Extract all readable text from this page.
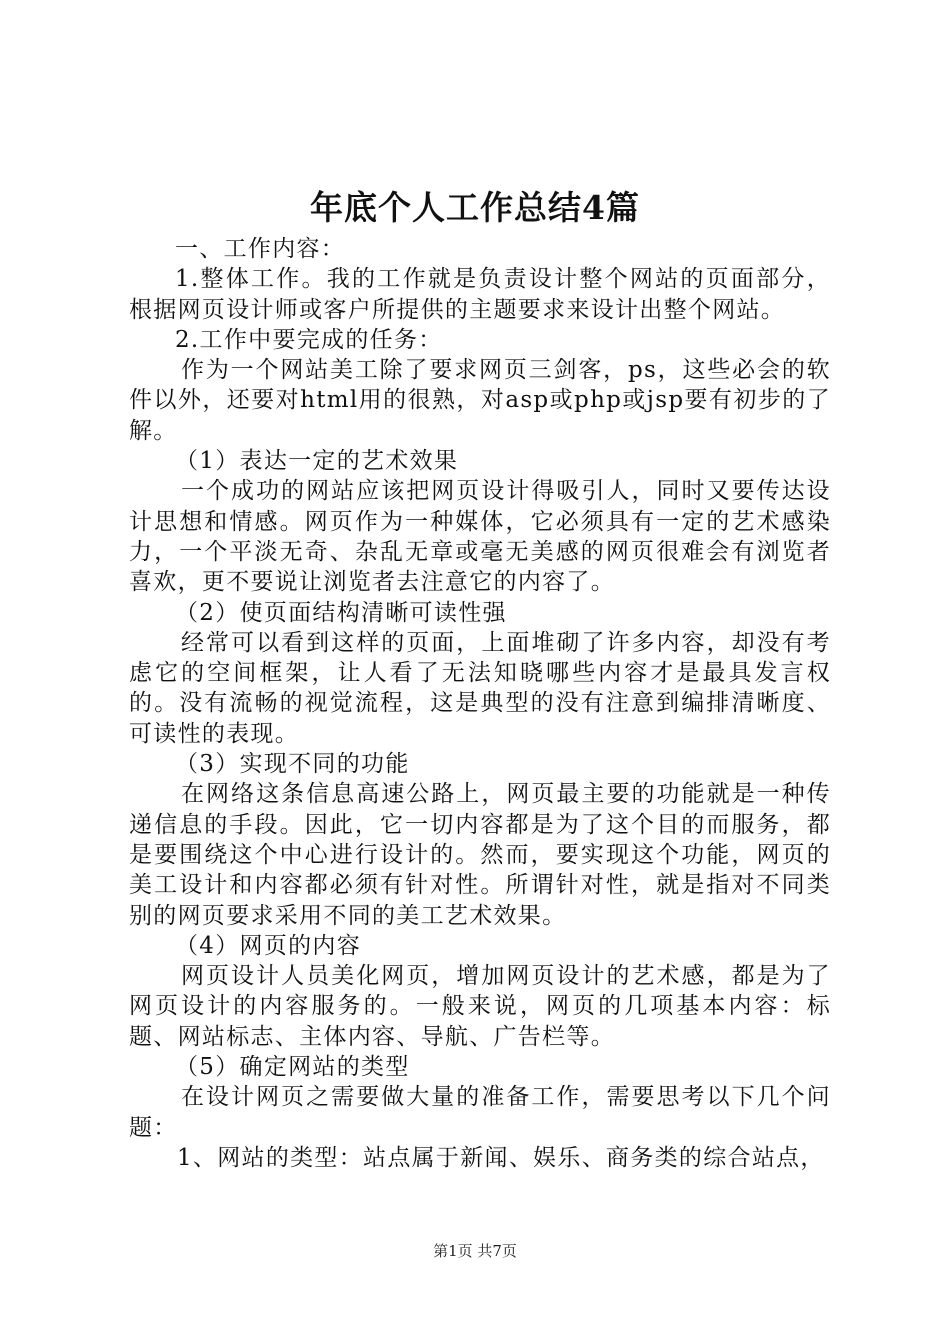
年底个人工作总结4篇

一、工作内容：

1.整体工作。我的工作就是负责设计整个网站的页面部分，根据网页设计师或客户所提供的主题要求来设计出整个网站。

2.工作中要完成的任务：

作为一个网站美工除了要求网页三剑客，ps，这些必会的软件以外，还要对html用的很熟，对asp或php或jsp要有初步的了解。

（1）表达一定的艺术效果

一个成功的网站应该把网页设计得吸引人，同时又要传达设计思想和情感。网页作为一种媒体，它必须具有一定的艺术感染力，一个平淡无奇、杂乱无章或毫无美感的网页很难会有浏览者喜欢，更不要说让浏览者去注意它的内容了。

（2）使页面结构清晰可读性强

经常可以看到这样的页面，上面堆砌了许多内容，却没有考虑它的空间框架，让人看了无法知晓哪些内容才是最具发言权的。没有流畅的视觉流程，这是典型的没有注意到编排清晰度、可读性的表现。

（3）实现不同的功能

在网络这条信息高速公路上，网页最主要的功能就是一种传递信息的手段。因此，它一切内容都是为了这个目的而服务，都是要围绕这个中心进行设计的。然而，要实现这个功能，网页的美工设计和内容都必须有针对性。所谓针对性，就是指对不同类别的网页要求采用不同的美工艺术效果。

（4）网页的内容

网页设计人员美化网页，增加网页设计的艺术感，都是为了网页设计的内容服务的。一般来说，网页的几项基本内容：标题、网站标志、主体内容、导航、广告栏等。

（5）确定网站的类型

在设计网页之需要做大量的准备工作，需要思考以下几个问题：

1、网站的类型：站点属于新闻、娱乐、商务类的综合站点，

第1页 共7页
